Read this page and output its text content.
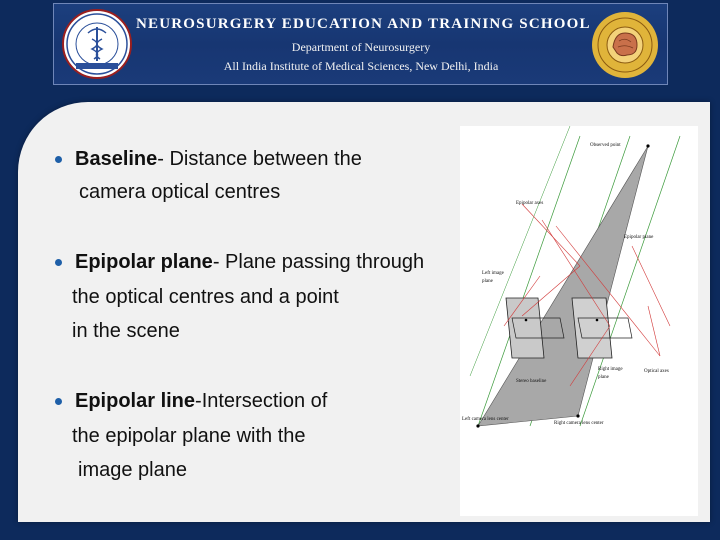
NEUROSURGERY EDUCATION AND TRAINING SCHOOL
Department of Neurosurgery
All India Institute of Medical Sciences, New Delhi, India
Baseline- Distance between the
camera optical centres
Epipolar plane- Plane passing through
the optical centres and a point
in the scene
Epipolar line-Intersection of
the epipolar plane with the
image plane
Observed point
Epipolar axes
Epipolar plane
Left image
plane
Right image
plane
Optical axes
Stereo baseline
Left camera lens center
Right camera lens center
